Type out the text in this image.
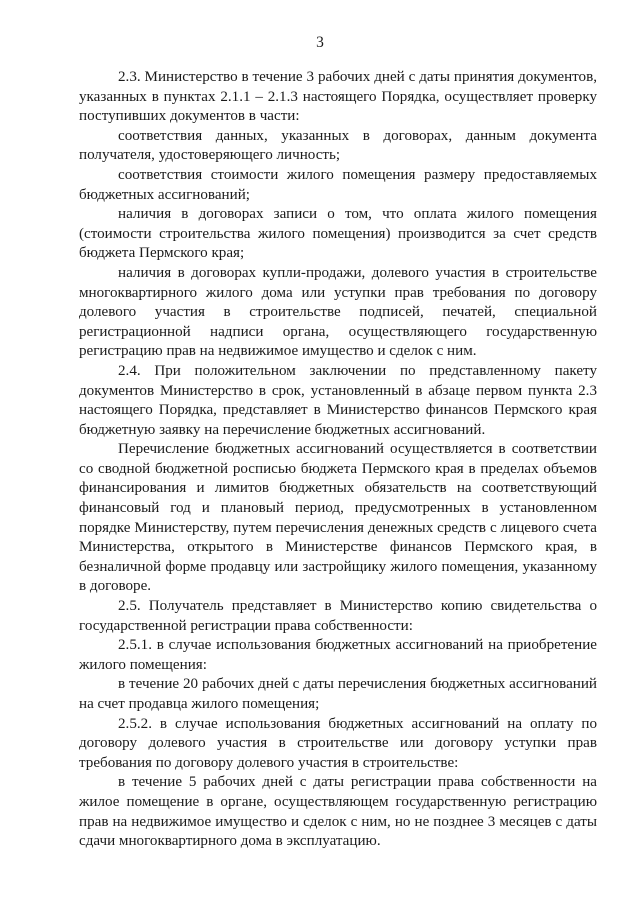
3

2.3. Министерство в течение 3 рабочих дней с даты принятия документов, указанных в пунктах 2.1.1 – 2.1.3 настоящего Порядка, осуществляет проверку поступивших документов в части:

соответствия данных, указанных в договорах, данным документа получателя, удостоверяющего личность;

соответствия стоимости жилого помещения размеру предоставляемых бюджетных ассигнований;

наличия в договорах записи о том, что оплата жилого помещения (стоимости строительства жилого помещения) производится за счет средств бюджета Пермского края;

наличия в договорах купли-продажи, долевого участия в строительстве многоквартирного жилого дома или уступки прав требования по договору долевого участия в строительстве подписей, печатей, специальной регистрационной надписи органа, осуществляющего государственную регистрацию прав на недвижимое имущество и сделок с ним.

2.4. При положительном заключении по представленному пакету документов Министерство в срок, установленный в абзаце первом пункта 2.3 настоящего Порядка, представляет в Министерство финансов Пермского края бюджетную заявку на перечисление бюджетных ассигнований.

Перечисление бюджетных ассигнований осуществляется в соответствии со сводной бюджетной росписью бюджета Пермского края в пределах объемов финансирования и лимитов бюджетных обязательств на соответствующий финансовый год и плановый период, предусмотренных в установленном порядке Министерству, путем перечисления денежных средств с лицевого счета Министерства, открытого в Министерстве финансов Пермского края, в безналичной форме продавцу или застройщику жилого помещения, указанному в договоре.

2.5. Получатель представляет в Министерство копию свидетельства о государственной регистрации права собственности:

2.5.1. в случае использования бюджетных ассигнований на приобретение жилого помещения:

в течение 20 рабочих дней с даты перечисления бюджетных ассигнований на счет продавца жилого помещения;

2.5.2. в случае использования бюджетных ассигнований на оплату по договору долевого участия в строительстве или договору уступки прав требования по договору долевого участия в строительстве:

в течение 5 рабочих дней с даты регистрации права собственности на жилое помещение в органе, осуществляющем государственную регистрацию прав на недвижимое имущество и сделок с ним, но не позднее 3 месяцев с даты сдачи многоквартирного дома в эксплуатацию.
